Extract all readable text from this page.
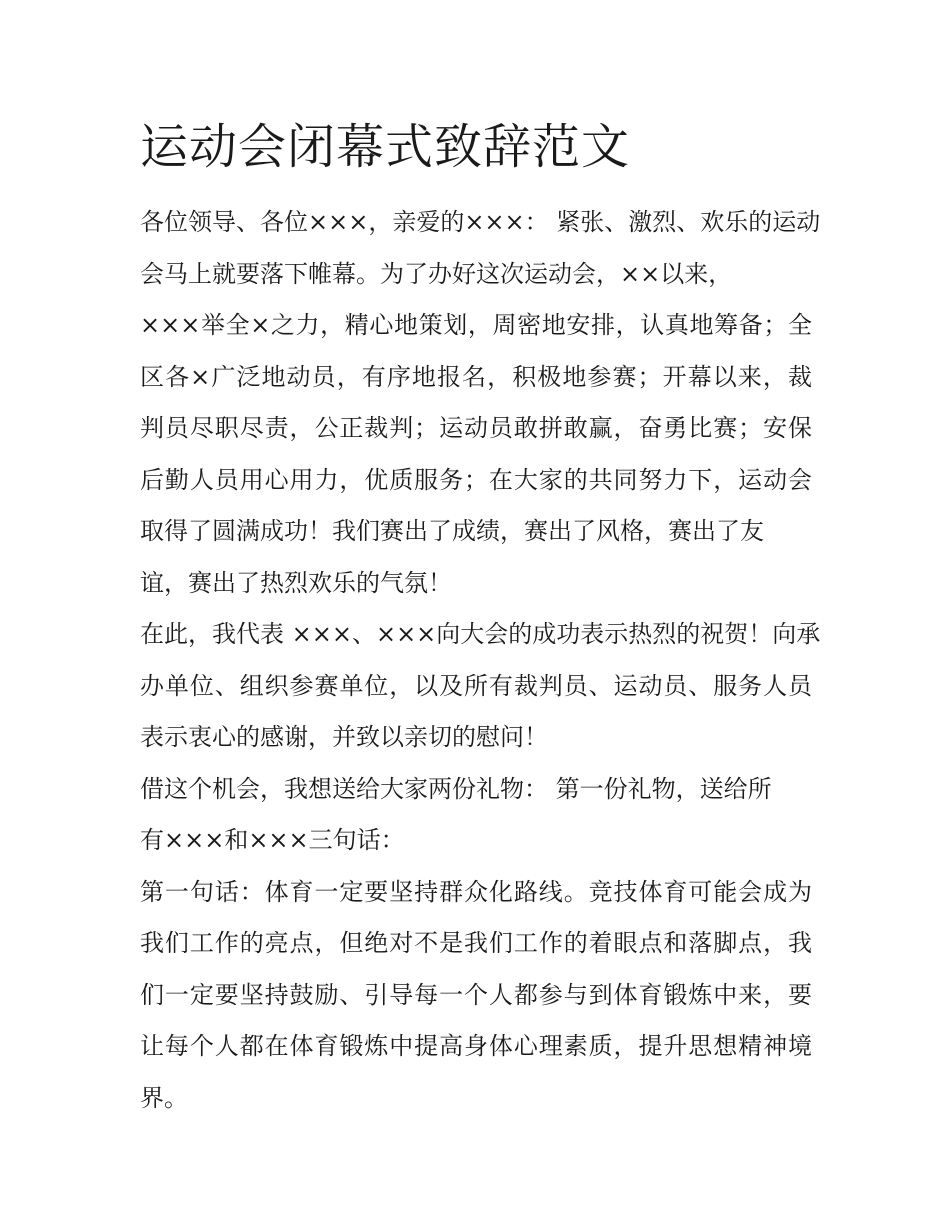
运动会闭幕式致辞范文
各位领导、各位×××，亲爱的×××： 紧张、激烈、欢乐的运动
会马上就要落下帷幕。为了办好这次运动会，××以来，
×××举全×之力，精心地策划，周密地安排，认真地筹备；全
区各×广泛地动员，有序地报名，积极地参赛；开幕以来，裁
判员尽职尽责，公正裁判；运动员敢拼敢赢，奋勇比赛；安保
后勤人员用心用力，优质服务；在大家的共同努力下，运动会
取得了圆满成功！我们赛出了成绩，赛出了风格，赛出了友
谊，赛出了热烈欢乐的气氛！
在此，我代表 ×××、×××向大会的成功表示热烈的祝贺！向承
办单位、组织参赛单位，以及所有裁判员、运动员、服务人员
表示衷心的感谢，并致以亲切的慰问！
借这个机会，我想送给大家两份礼物： 第一份礼物，送给所
有×××和×××三句话：
第一句话：体育一定要坚持群众化路线。竞技体育可能会成为
我们工作的亮点，但绝对不是我们工作的着眼点和落脚点，我
们一定要坚持鼓励、引导每一个人都参与到体育锻炼中来，要
让每个人都在体育锻炼中提高身体心理素质，提升思想精神境
界。
